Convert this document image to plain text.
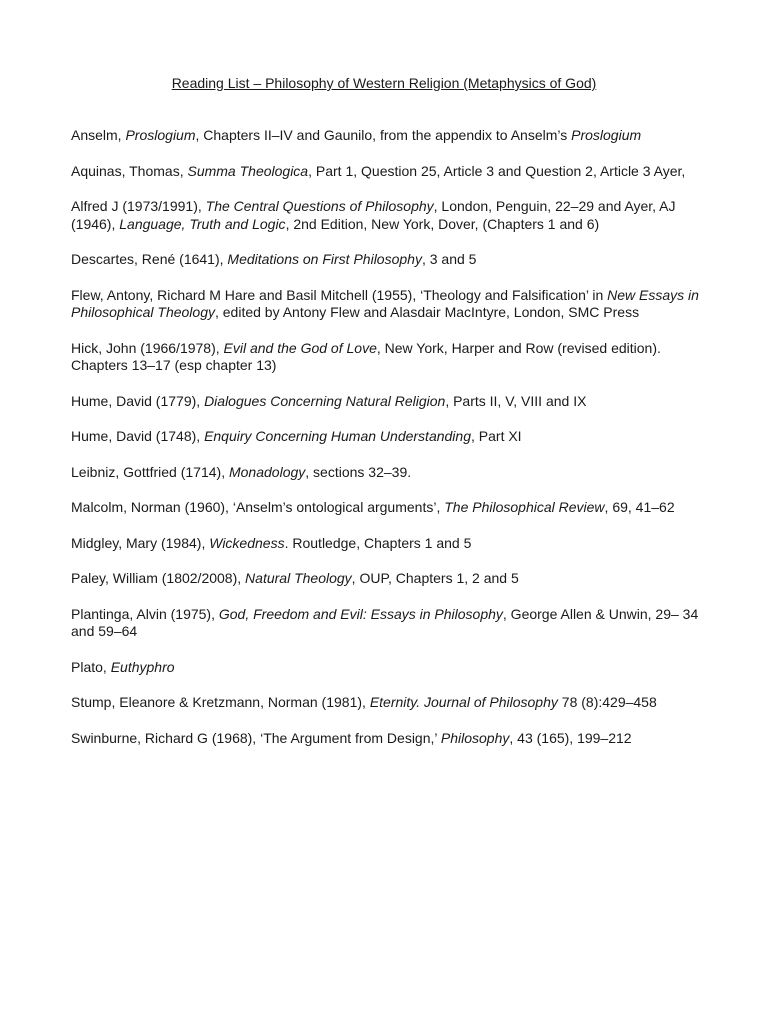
Reading List – Philosophy of Western Religion (Metaphysics of God)
Anselm, Proslogium, Chapters II–IV and Gaunilo, from the appendix to Anselm’s Proslogium
Aquinas, Thomas, Summa Theologica, Part 1, Question 25, Article 3 and Question 2, Article 3 Ayer,
Alfred J (1973/1991), The Central Questions of Philosophy, London, Penguin, 22–29 and Ayer, AJ (1946), Language, Truth and Logic, 2nd Edition, New York, Dover, (Chapters 1 and 6)
Descartes, René (1641), Meditations on First Philosophy, 3 and 5
Flew, Antony, Richard M Hare and Basil Mitchell (1955), ‘Theology and Falsification’ in New Essays in Philosophical Theology, edited by Antony Flew and Alasdair MacIntyre, London, SMC Press
Hick, John (1966/1978), Evil and the God of Love, New York, Harper and Row (revised edition). Chapters 13–17 (esp chapter 13)
Hume, David (1779), Dialogues Concerning Natural Religion, Parts II, V, VIII and IX
Hume, David (1748), Enquiry Concerning Human Understanding, Part XI
Leibniz, Gottfried (1714), Monadology, sections 32–39.
Malcolm, Norman (1960), ‘Anselm’s ontological arguments’, The Philosophical Review, 69, 41–62
Midgley, Mary (1984), Wickedness. Routledge, Chapters 1 and 5
Paley, William (1802/2008), Natural Theology, OUP, Chapters 1, 2 and 5
Plantinga, Alvin (1975), God, Freedom and Evil: Essays in Philosophy, George Allen & Unwin, 29– 34 and 59–64
Plato, Euthyphro
Stump, Eleanore & Kretzmann, Norman (1981), Eternity. Journal of Philosophy 78 (8):429–458
Swinburne, Richard G (1968), ‘The Argument from Design,’ Philosophy, 43 (165), 199–212
